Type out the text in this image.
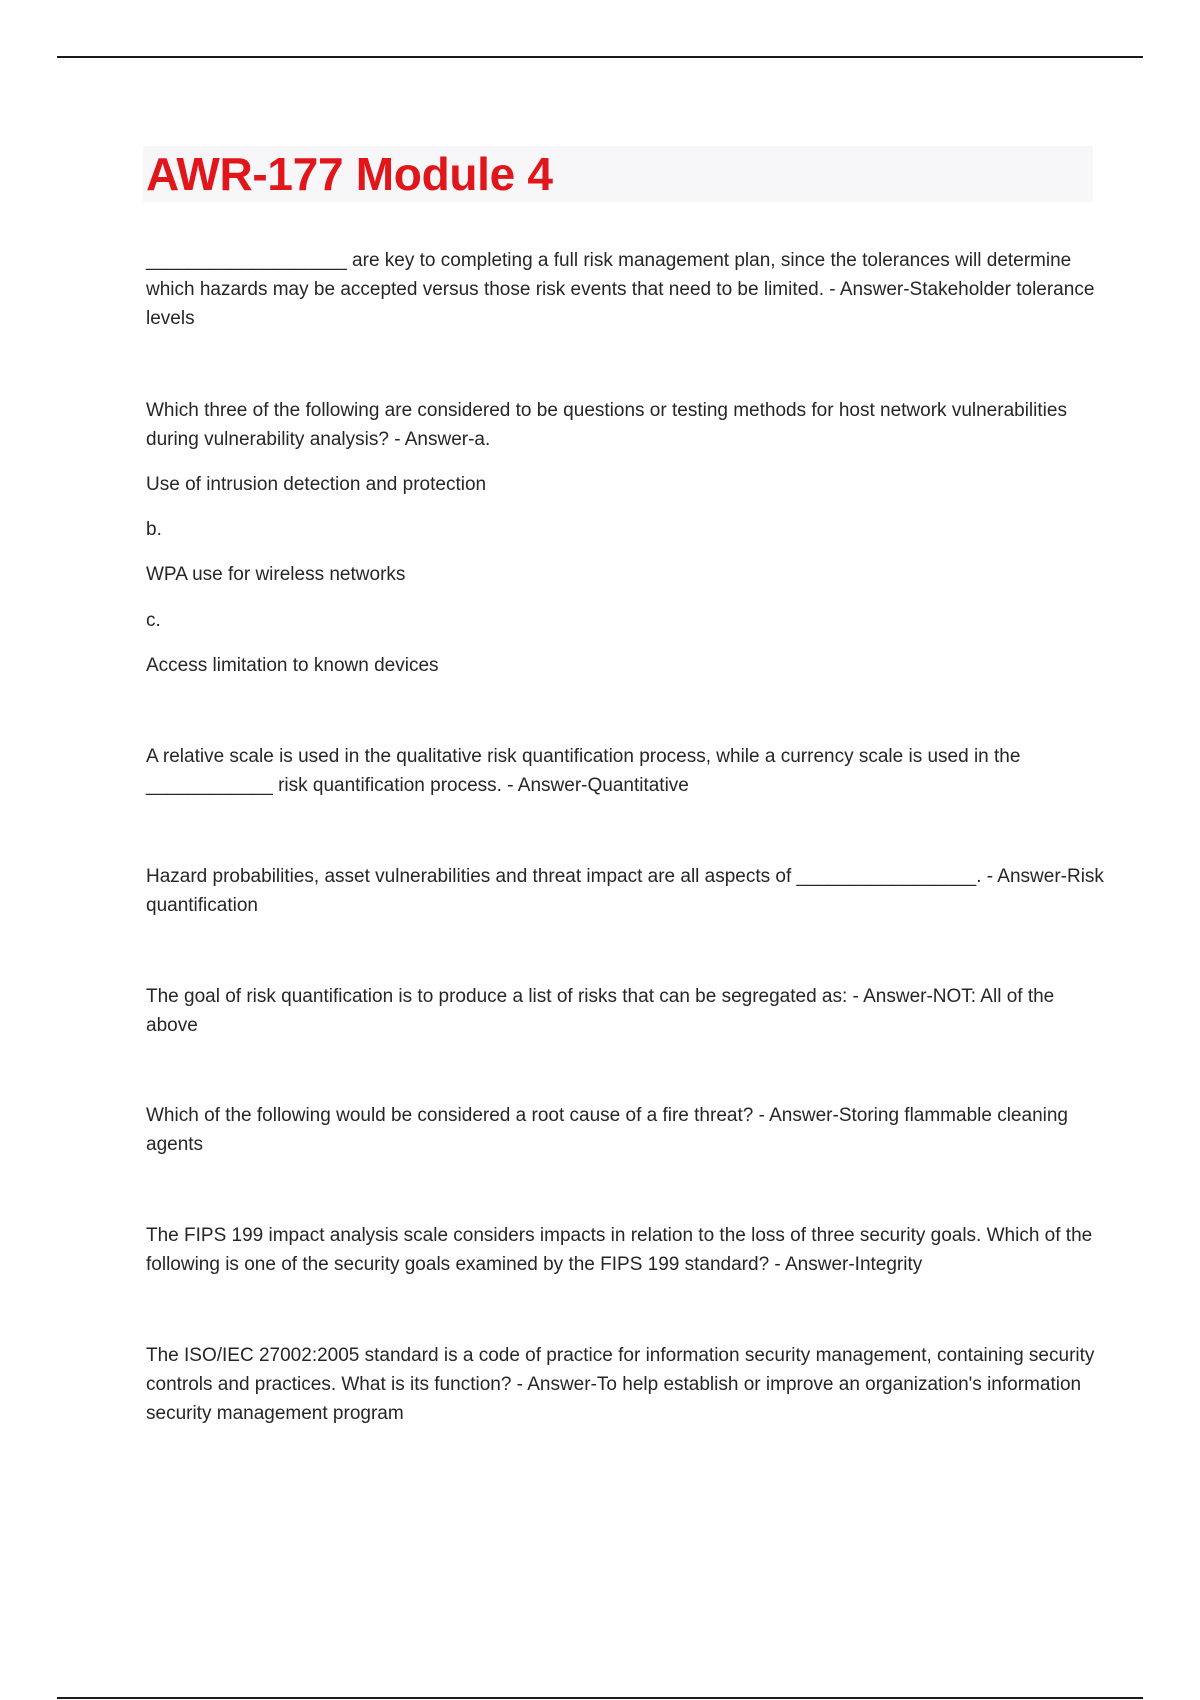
AWR-177 Module 4

___________________ are key to completing a full risk management plan, since the tolerances will determine which hazards may be accepted versus those risk events that need to be limited. - Answer-Stakeholder tolerance levels

Which three of the following are considered to be questions or testing methods for host network vulnerabilities during vulnerability analysis? - Answer-a.

Use of intrusion detection and protection

b.

WPA use for wireless networks

c.

Access limitation to known devices

A relative scale is used in the qualitative risk quantification process, while a currency scale is used in the ____________ risk quantification process. - Answer-Quantitative

Hazard probabilities, asset vulnerabilities and threat impact are all aspects of _________________. - Answer-Risk quantification

The goal of risk quantification is to produce a list of risks that can be segregated as: - Answer-NOT: All of the above

Which of the following would be considered a root cause of a fire threat? - Answer-Storing flammable cleaning agents

The FIPS 199 impact analysis scale considers impacts in relation to the loss of three security goals. Which of the following is one of the security goals examined by the FIPS 199 standard? - Answer-Integrity

The ISO/IEC 27002:2005 standard is a code of practice for information security management, containing security controls and practices. What is its function? - Answer-To help establish or improve an organization's information security management program
